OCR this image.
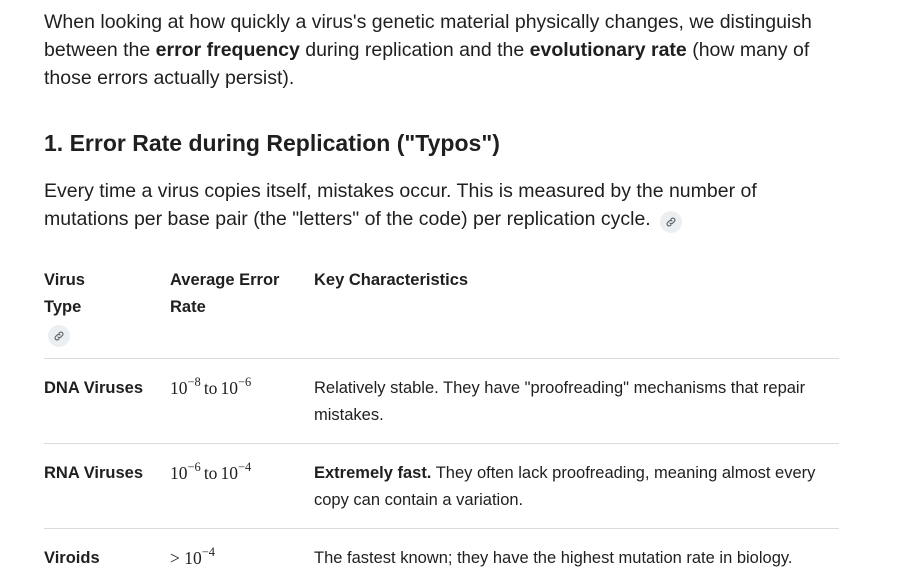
When looking at how quickly a virus's genetic material physically changes, we distinguish between the error frequency during replication and the evolutionary rate (how many of those errors actually persist).

1. Error Rate during Replication ("Typos")

Every time a virus copies itself, mistakes occur. This is measured by the number of mutations per base pair (the "letters" of the code) per replication cycle.

Virus Type	Average Error Rate	Key Characteristics
DNA Viruses	$10^{-8}$ to $10^{-6}$	Relatively stable. They have "proofreading" mechanisms that repair mistakes.
RNA Viruses	$10^{-6}$ to $10^{-4}$	Extremely fast. They often lack proofreading, meaning almost every copy can contain a variation.
Viroids	> $10^{-4}$	The fastest known; they have the highest mutation rate in biology.
